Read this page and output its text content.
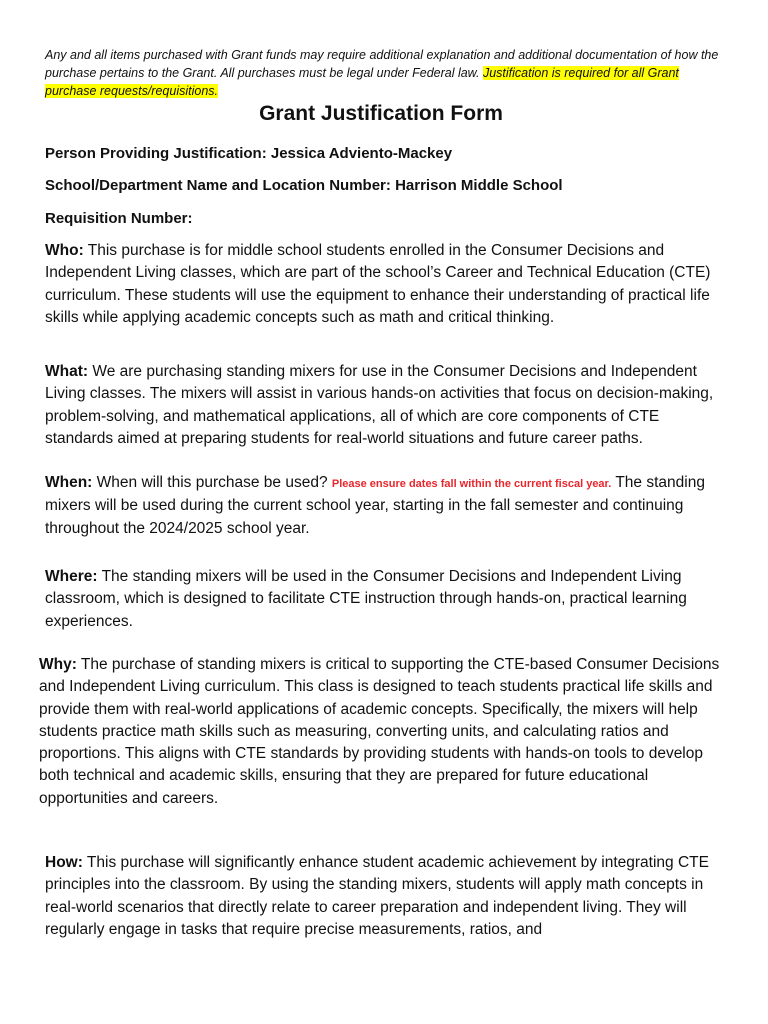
Any and all items purchased with Grant funds may require additional explanation and additional documentation of how the purchase pertains to the Grant. All purchases must be legal under Federal law. Justification is required for all Grant purchase requests/requisitions.
Grant Justification Form
Person Providing Justification: Jessica Adviento-Mackey
School/Department Name and Location Number: Harrison Middle School
Requisition Number:
Who: This purchase is for middle school students enrolled in the Consumer Decisions and Independent Living classes, which are part of the school’s Career and Technical Education (CTE) curriculum. These students will use the equipment to enhance their understanding of practical life skills while applying academic concepts such as math and critical thinking.
What: We are purchasing standing mixers for use in the Consumer Decisions and Independent Living classes. The mixers will assist in various hands-on activities that focus on decision-making, problem-solving, and mathematical applications, all of which are core components of CTE standards aimed at preparing students for real-world situations and future career paths.
When: When will this purchase be used? Please ensure dates fall within the current fiscal year. The standing mixers will be used during the current school year, starting in the fall semester and continuing throughout the 2024/2025 school year.
Where: The standing mixers will be used in the Consumer Decisions and Independent Living classroom, which is designed to facilitate CTE instruction through hands-on, practical learning experiences.
Why: The purchase of standing mixers is critical to supporting the CTE-based Consumer Decisions and Independent Living curriculum. This class is designed to teach students practical life skills and provide them with real-world applications of academic concepts. Specifically, the mixers will help students practice math skills such as measuring, converting units, and calculating ratios and proportions. This aligns with CTE standards by providing students with hands-on tools to develop both technical and academic skills, ensuring that they are prepared for future educational opportunities and careers.
How: This purchase will significantly enhance student academic achievement by integrating CTE principles into the classroom. By using the standing mixers, students will apply math concepts in real-world scenarios that directly relate to career preparation and independent living. They will regularly engage in tasks that require precise measurements, ratios, and
